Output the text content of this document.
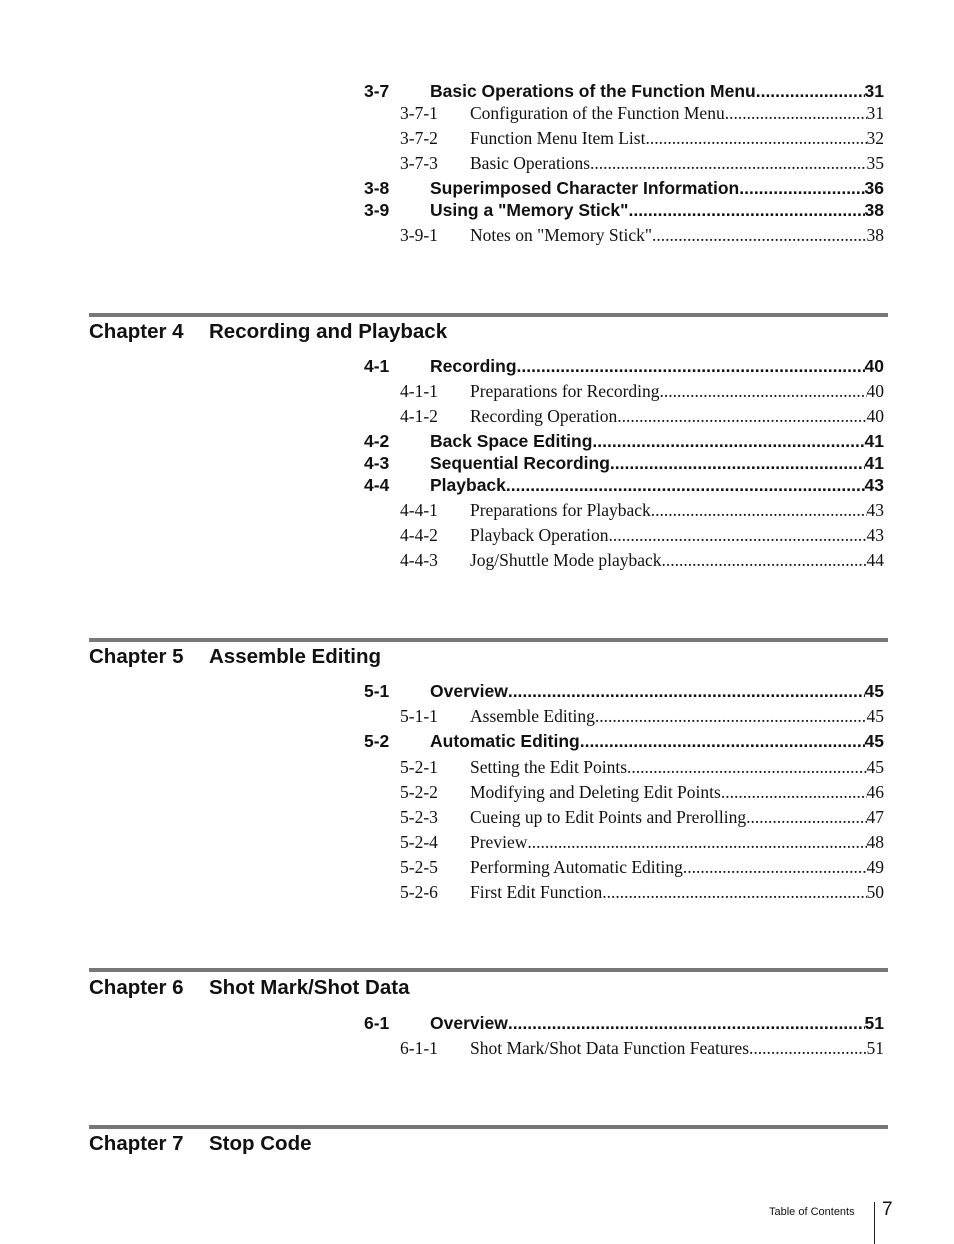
3-7	Basic Operations of the Function Menu .....	31
3-7-1	Configuration of the Function Menu .....	31
3-7-2	Function Menu Item List .....	32
3-7-3	Basic Operations .....	35
3-8	Superimposed Character Information .....	36
3-9	Using a "Memory Stick" .....	38
3-9-1	Notes on "Memory Stick" .....	38
Chapter 4 Recording and Playback
4-1	Recording .....	40
4-1-1	Preparations for Recording .....	40
4-1-2	Recording Operation .....	40
4-2	Back Space Editing .....	41
4-3	Sequential Recording .....	41
4-4	Playback .....	43
4-4-1	Preparations for Playback .....	43
4-4-2	Playback Operation .....	43
4-4-3	Jog/Shuttle Mode playback .....	44
Chapter 5 Assemble Editing
5-1	Overview .....	45
5-1-1	Assemble Editing .....	45
5-2	Automatic Editing .....	45
5-2-1	Setting the Edit Points .....	45
5-2-2	Modifying and Deleting Edit Points .....	46
5-2-3	Cueing up to Edit Points and Prerolling .....	47
5-2-4	Preview .....	48
5-2-5	Performing Automatic Editing .....	49
5-2-6	First Edit Function .....	50
Chapter 6 Shot Mark/Shot Data
6-1	Overview .....	51
6-1-1	Shot Mark/Shot Data Function Features .....	51
Chapter 7 Stop Code
Table of Contents 7
